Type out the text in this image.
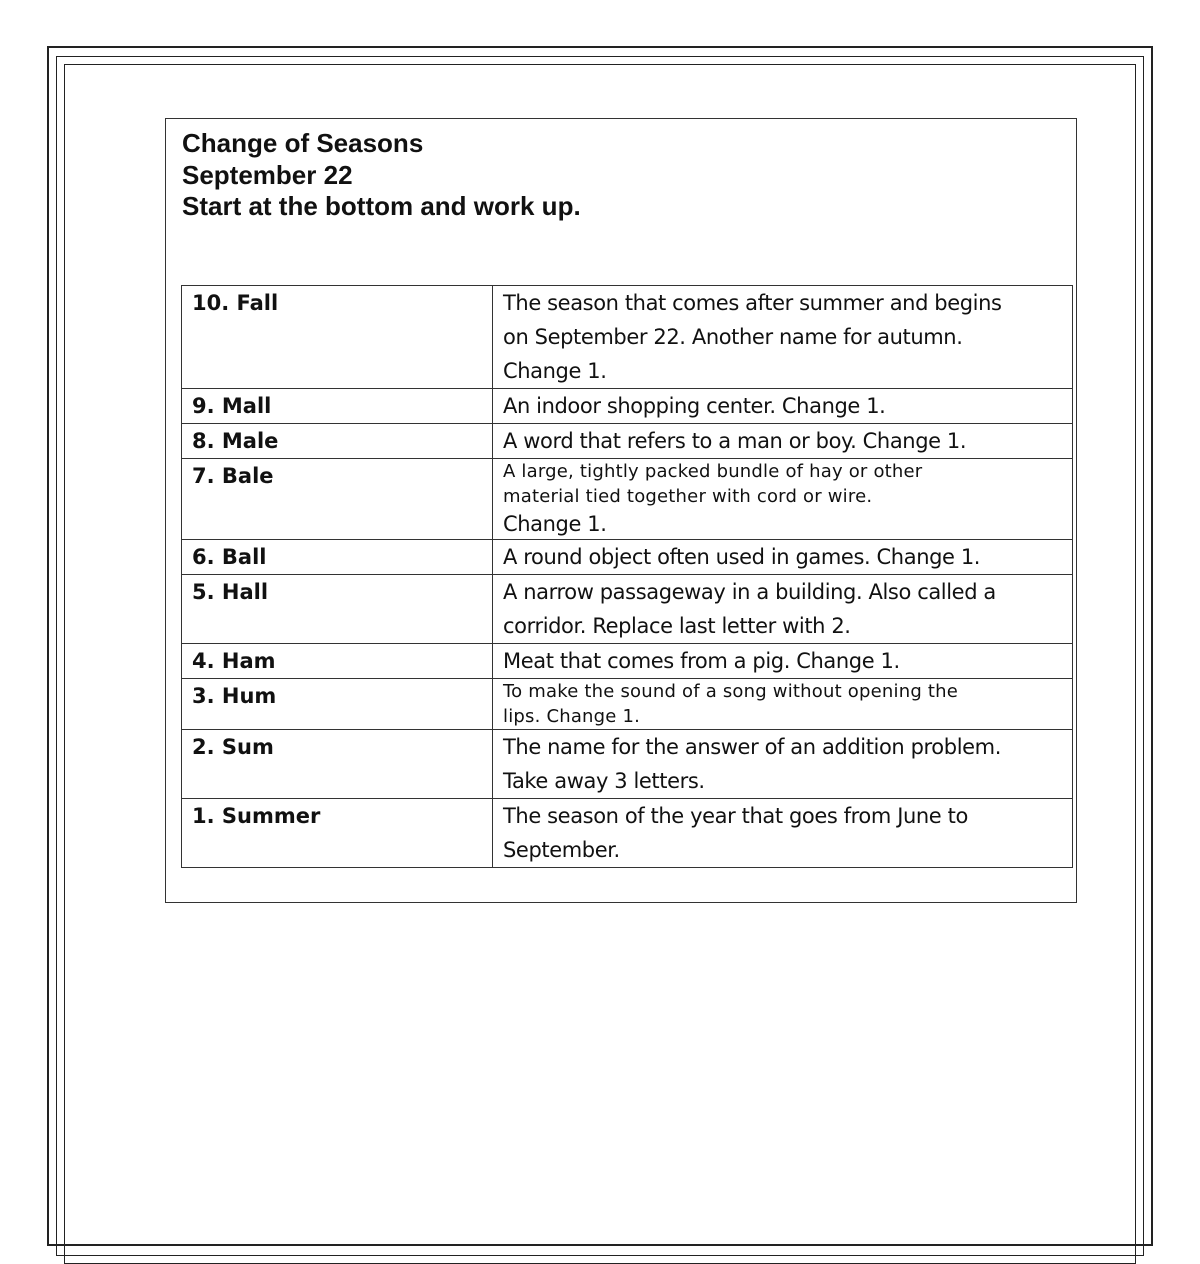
Change of Seasons
September 22
Start at the bottom and work up.
10. Fall	The season that comes after summer and begins
on September 22. Another name for autumn.
Change 1.

9. Mall	An indoor shopping center. Change 1.

8. Male	A word that refers to a man or boy. Change 1.

7. Bale	A large, tightly packed bundle of hay or other
material tied together with cord or wire.
Change 1.

6. Ball	A round object often used in games. Change 1.

5. Hall	A narrow passageway in a building. Also called a
corridor. Replace last letter with 2.

4. Ham	Meat that comes from a pig. Change 1.

3. Hum	To make the sound of a song without opening the
lips. Change 1.

2. Sum	The name for the answer of an addition problem.
Take away 3 letters.

1. Summer	The season of the year that goes from June to
September.
